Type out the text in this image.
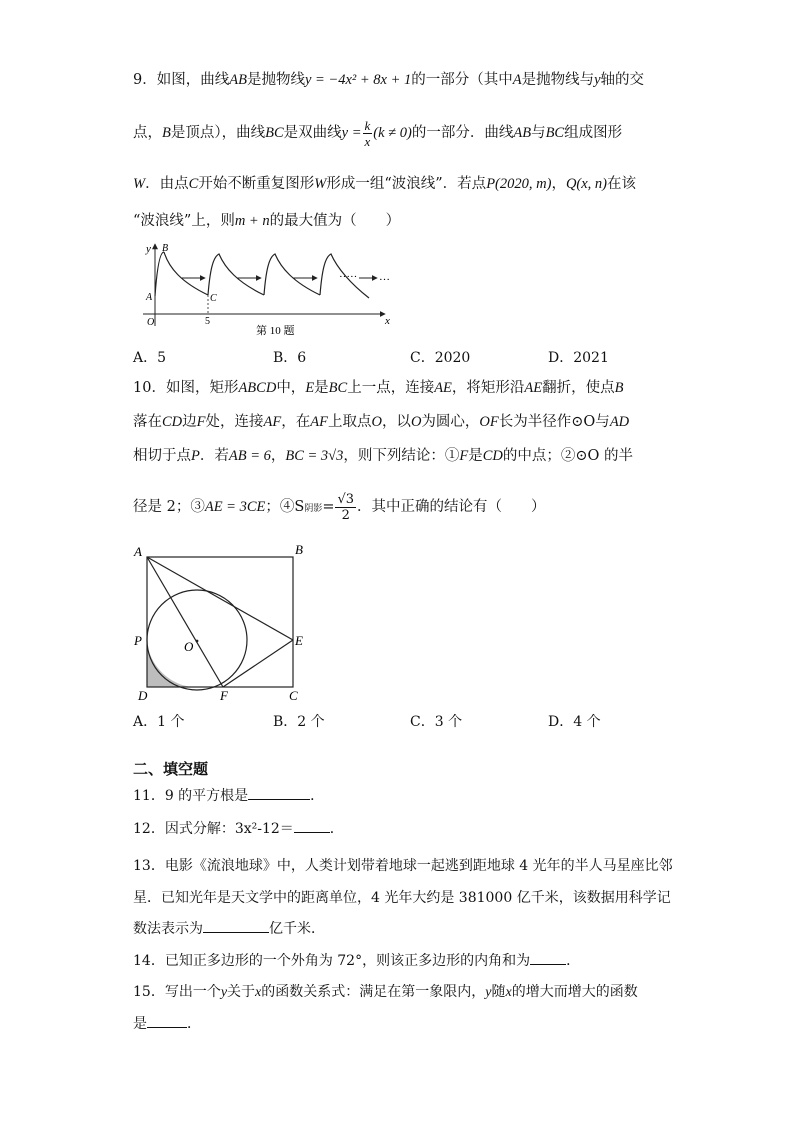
9．如图，曲线AB是抛物线y = −4x² + 8x + 1的一部分（其中A是抛物线与y轴的交
点，B是顶点），曲线BC是双曲线$y = \frac{k}{x} (k \ne 0)$的一部分．曲线AB与BC组成图形
W．由点C开始不断重复图形W形成一组“波浪线”．若点P(2020, m)，Q(x, n)在该
“波浪线”上，则m + n的最大值为（　　）
····· …
y B
A	C
O	5	x
第 10 题
A．5	B．6	C．2020	D．2021
10．如图，矩形ABCD中，E是BC上一点，连接AE，将矩形沿AE翻折，使点B
落在CD边F处，连接AF，在AF上取点O，以O为圆心，OF长为半径作⊙O与AD
相切于点P．若AB = 6，BC = 3√3，则下列结论：①F是CD的中点；②⊙O 的半
径是 2；③AE = 3CE；④S阴影= $\frac{√3}{2}$ ．其中正确的结论有（　　）
A	B
P	O	E
D	F	C
A．1 个	B．2 个	C．3 个	D．4 个
二、填空题
11．9 的平方根是	．
12．因式分解：3x²-12＝	．
13．电影《流浪地球》中，人类计划带着地球一起逃到距地球 4 光年的半人马星座比邻
星．已知光年是天文学中的距离单位，4 光年大约是 381000 亿千米，该数据用科学记
数法表示为	亿千米．
14．已知正多边形的一个外角为 72°，则该正多边形的内角和为	．
15．写出一个y关于x的函数关系式：满足在第一象限内，y随x的增大而增大的函数
是	．
